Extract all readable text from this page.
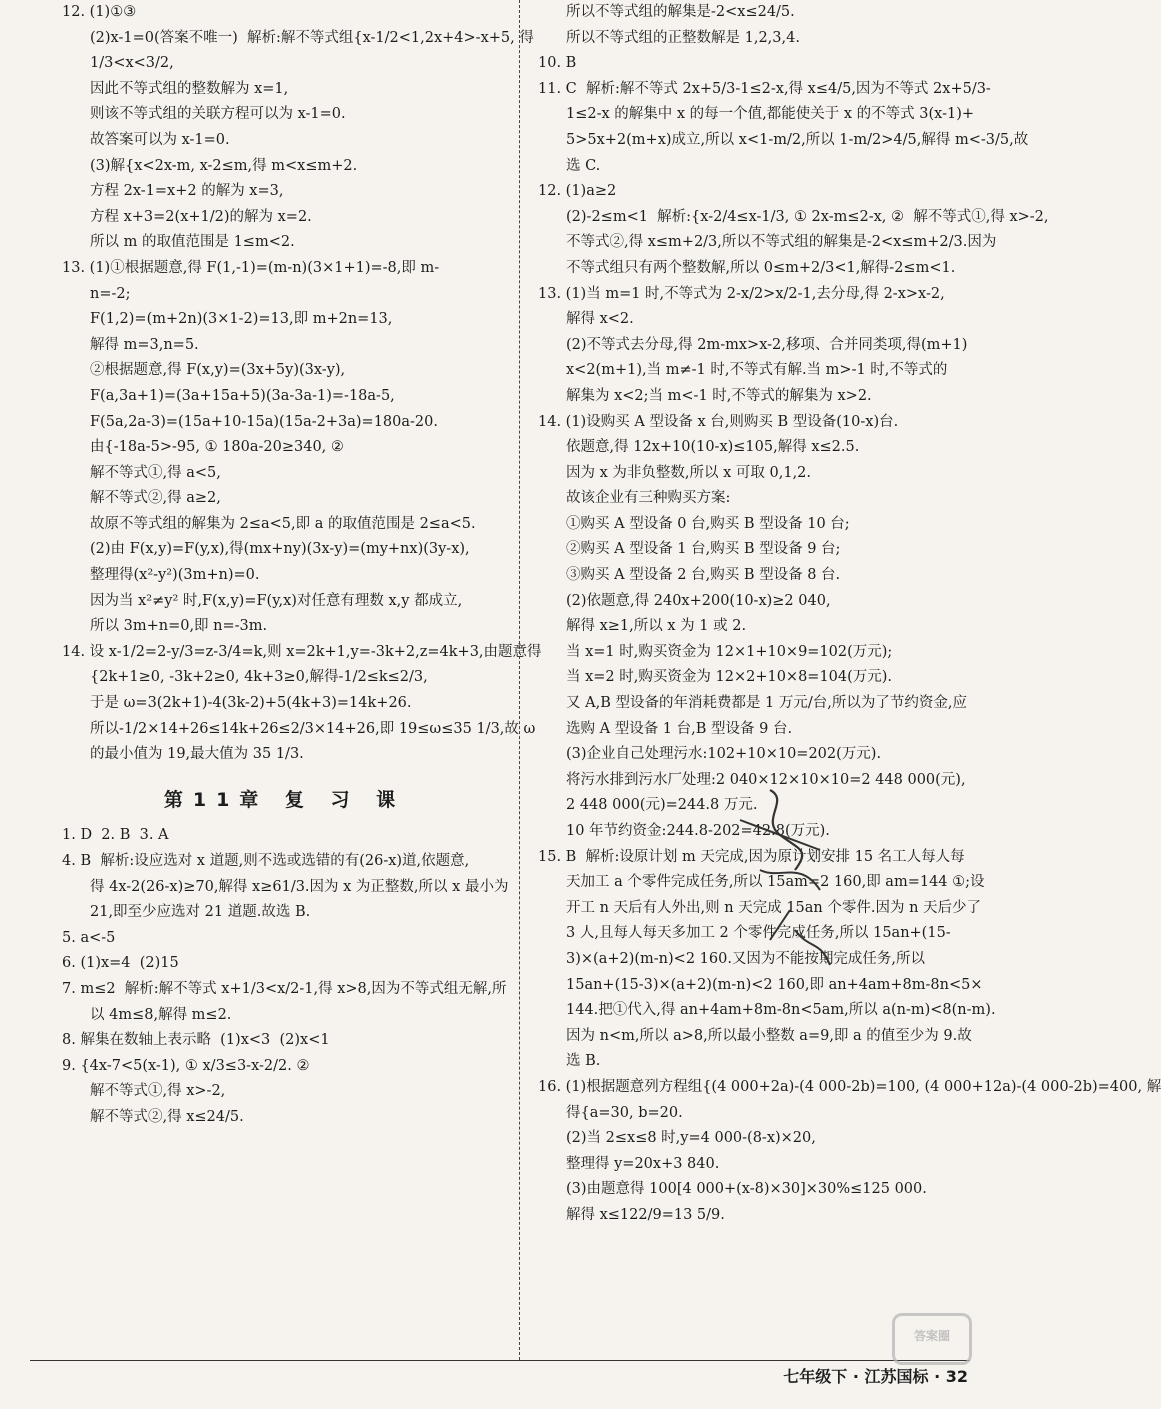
12. (1)①③
(2)x-1=0(答案不唯一)  解析:解不等式组{x-1/2<1,2x+4>-x+5, 得
1/3<x<3/2,
因此不等式组的整数解为 x=1,
则该不等式组的关联方程可以为 x-1=0.
故答案可以为 x-1=0.
(3)解{x<2x-m, x-2≤m,得 m<x≤m+2.
方程 2x-1=x+2 的解为 x=3,
方程 x+3=2(x+1/2)的解为 x=2.
所以 m 的取值范围是 1≤m<2.
13. (1)①根据题意,得 F(1,-1)=(m-n)(3×1+1)=-8,即 m-
n=-2;
F(1,2)=(m+2n)(3×1-2)=13,即 m+2n=13,
解得 m=3,n=5.
②根据题意,得 F(x,y)=(3x+5y)(3x-y),
F(a,3a+1)=(3a+15a+5)(3a-3a-1)=-18a-5,
F(5a,2a-3)=(15a+10-15a)(15a-2+3a)=180a-20.
由{-18a-5>-95, ① 180a-20≥340, ②
解不等式①,得 a<5,
解不等式②,得 a≥2,
故原不等式组的解集为 2≤a<5,即 a 的取值范围是 2≤a<5.
(2)由 F(x,y)=F(y,x),得(mx+ny)(3x-y)=(my+nx)(3y-x),
整理得(x²-y²)(3m+n)=0.
因为当 x²≠y² 时,F(x,y)=F(y,x)对任意有理数 x,y 都成立,
所以 3m+n=0,即 n=-3m.
14. 设 x-1/2=2-y/3=z-3/4=k,则 x=2k+1,y=-3k+2,z=4k+3,由题意得
{2k+1≥0, -3k+2≥0, 4k+3≥0,解得-1/2≤k≤2/3,
于是 ω=3(2k+1)-4(3k-2)+5(4k+3)=14k+26.
所以-1/2×14+26≤14k+26≤2/3×14+26,即 19≤ω≤35 1/3,故 ω
的最小值为 19,最大值为 35 1/3.
第11章 复 习 课
1. D  2. B  3. A
4. B  解析:设应选对 x 道题,则不选或选错的有(26-x)道,依题意,
得 4x-2(26-x)≥70,解得 x≥61/3.因为 x 为正整数,所以 x 最小为
21,即至少应选对 21 道题.故选 B.
5. a<-5
6. (1)x=4  (2)15
7. m≤2  解析:解不等式 x+1/3<x/2-1,得 x>8,因为不等式组无解,所
以 4m≤8,解得 m≤2.
8. 解集在数轴上表示略  (1)x<3  (2)x<1
9. {4x-7<5(x-1), ① x/3≤3-x-2/2. ②
解不等式①,得 x>-2,
解不等式②,得 x≤24/5.
所以不等式组的解集是-2<x≤24/5.
所以不等式组的正整数解是 1,2,3,4.
10. B
11. C  解析:解不等式 2x+5/3-1≤2-x,得 x≤4/5,因为不等式 2x+5/3-
1≤2-x 的解集中 x 的每一个值,都能使关于 x 的不等式 3(x-1)+
5>5x+2(m+x)成立,所以 x<1-m/2,所以 1-m/2>4/5,解得 m<-3/5,故
选 C.
12. (1)a≥2
(2)-2≤m<1  解析:{x-2/4≤x-1/3, ① 2x-m≤2-x, ②  解不等式①,得 x>-2,
不等式②,得 x≤m+2/3,所以不等式组的解集是-2<x≤m+2/3.因为
不等式组只有两个整数解,所以 0≤m+2/3<1,解得-2≤m<1.
13. (1)当 m=1 时,不等式为 2-x/2>x/2-1,去分母,得 2-x>x-2,
解得 x<2.
(2)不等式去分母,得 2m-mx>x-2,移项、合并同类项,得(m+1)
x<2(m+1),当 m≠-1 时,不等式有解.当 m>-1 时,不等式的
解集为 x<2;当 m<-1 时,不等式的解集为 x>2.
14. (1)设购买 A 型设备 x 台,则购买 B 型设备(10-x)台.
依题意,得 12x+10(10-x)≤105,解得 x≤2.5.
因为 x 为非负整数,所以 x 可取 0,1,2.
故该企业有三种购买方案:
①购买 A 型设备 0 台,购买 B 型设备 10 台;
②购买 A 型设备 1 台,购买 B 型设备 9 台;
③购买 A 型设备 2 台,购买 B 型设备 8 台.
(2)依题意,得 240x+200(10-x)≥2 040,
解得 x≥1,所以 x 为 1 或 2.
当 x=1 时,购买资金为 12×1+10×9=102(万元);
当 x=2 时,购买资金为 12×2+10×8=104(万元).
又 A,B 型设备的年消耗费都是 1 万元/台,所以为了节约资金,应
选购 A 型设备 1 台,B 型设备 9 台.
(3)企业自己处理污水:102+10×10=202(万元).
将污水排到污水厂处理:2 040×12×10×10=2 448 000(元),
2 448 000(元)=244.8 万元.
10 年节约资金:244.8-202=42.8(万元).
15. B  解析:设原计划 m 天完成,因为原计划安排 15 名工人每人每
天加工 a 个零件完成任务,所以 15am=2 160,即 am=144 ①;设
开工 n 天后有人外出,则 n 天完成 15an 个零件.因为 n 天后少了
3 人,且每人每天多加工 2 个零件完成任务,所以 15an+(15-
3)×(a+2)(m-n)<2 160.又因为不能按期完成任务,所以
15an+(15-3)×(a+2)(m-n)<2 160,即 an+4am+8m-8n<5×
144.把①代入,得 an+4am+8m-8n<5am,所以 a(n-m)<8(n-m).
因为 n<m,所以 a>8,所以最小整数 a=9,即 a 的值至少为 9.故
选 B.
16. (1)根据题意列方程组{(4 000+2a)-(4 000-2b)=100, (4 000+12a)-(4 000-2b)=400, 解
得{a=30, b=20.
(2)当 2≤x≤8 时,y=4 000-(8-x)×20,
整理得 y=20x+3 840.
(3)由题意得 100[4 000+(x-8)×30]×30%≤125 000.
解得 x≤122/9=13 5/9.
七年级下 · 江苏国标 · 32
答案圈
